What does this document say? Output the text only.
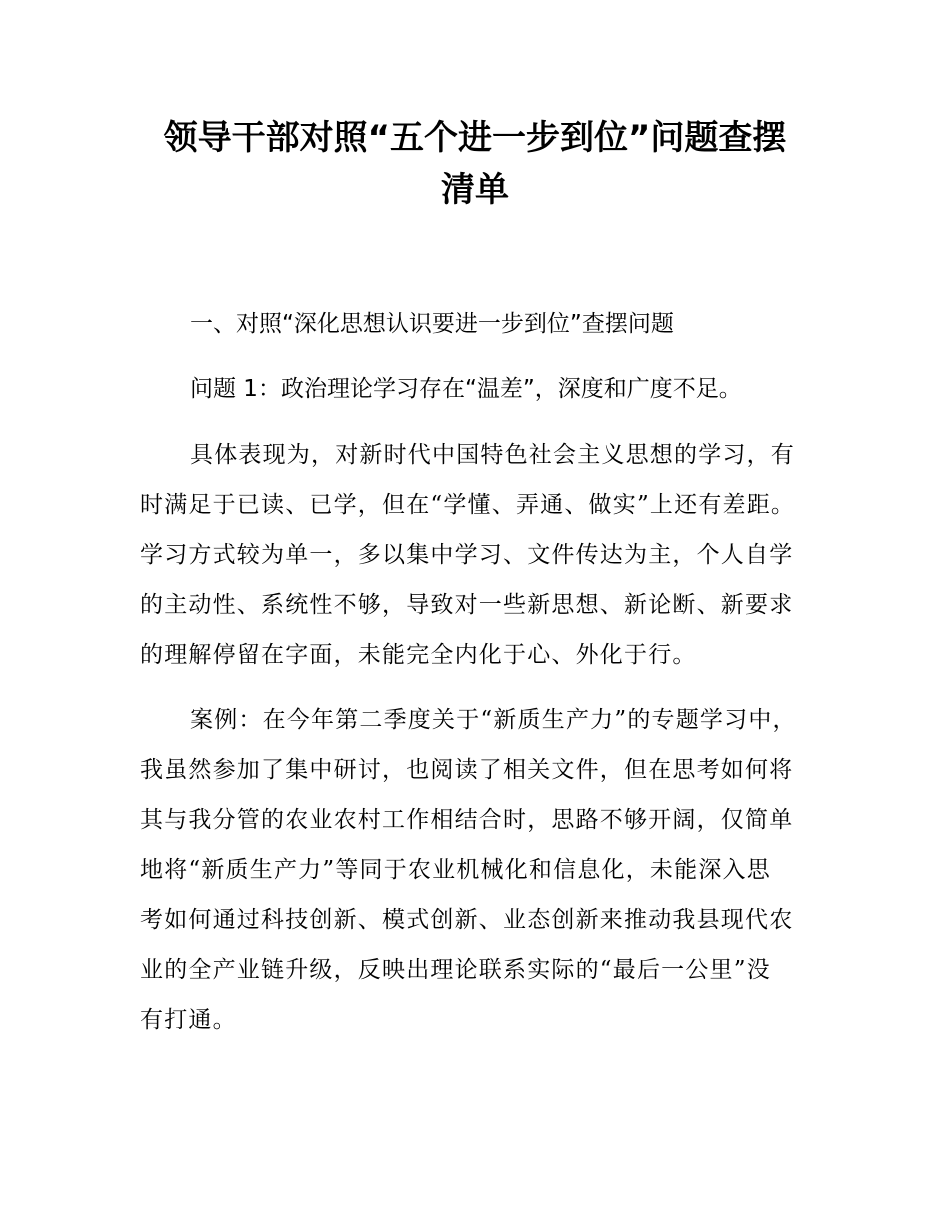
领导干部对照“五个进一步到位”问题查摆
清单

一、对照“深化思想认识要进一步到位”查摆问题

问题 1：政治理论学习存在“温差”，深度和广度不足。

具体表现为，对新时代中国特色社会主义思想的学习，有
时满足于已读、已学，但在“学懂、弄通、做实”上还有差距。
学习方式较为单一，多以集中学习、文件传达为主，个人自学
的主动性、系统性不够，导致对一些新思想、新论断、新要求
的理解停留在字面，未能完全内化于心、外化于行。
案例：在今年第二季度关于“新质生产力”的专题学习中，
我虽然参加了集中研讨，也阅读了相关文件，但在思考如何将
其与我分管的农业农村工作相结合时，思路不够开阔，仅简单
地将“新质生产力”等同于农业机械化和信息化，未能深入思
考如何通过科技创新、模式创新、业态创新来推动我县现代农
业的全产业链升级，反映出理论联系实际的“最后一公里”没
有打通。
